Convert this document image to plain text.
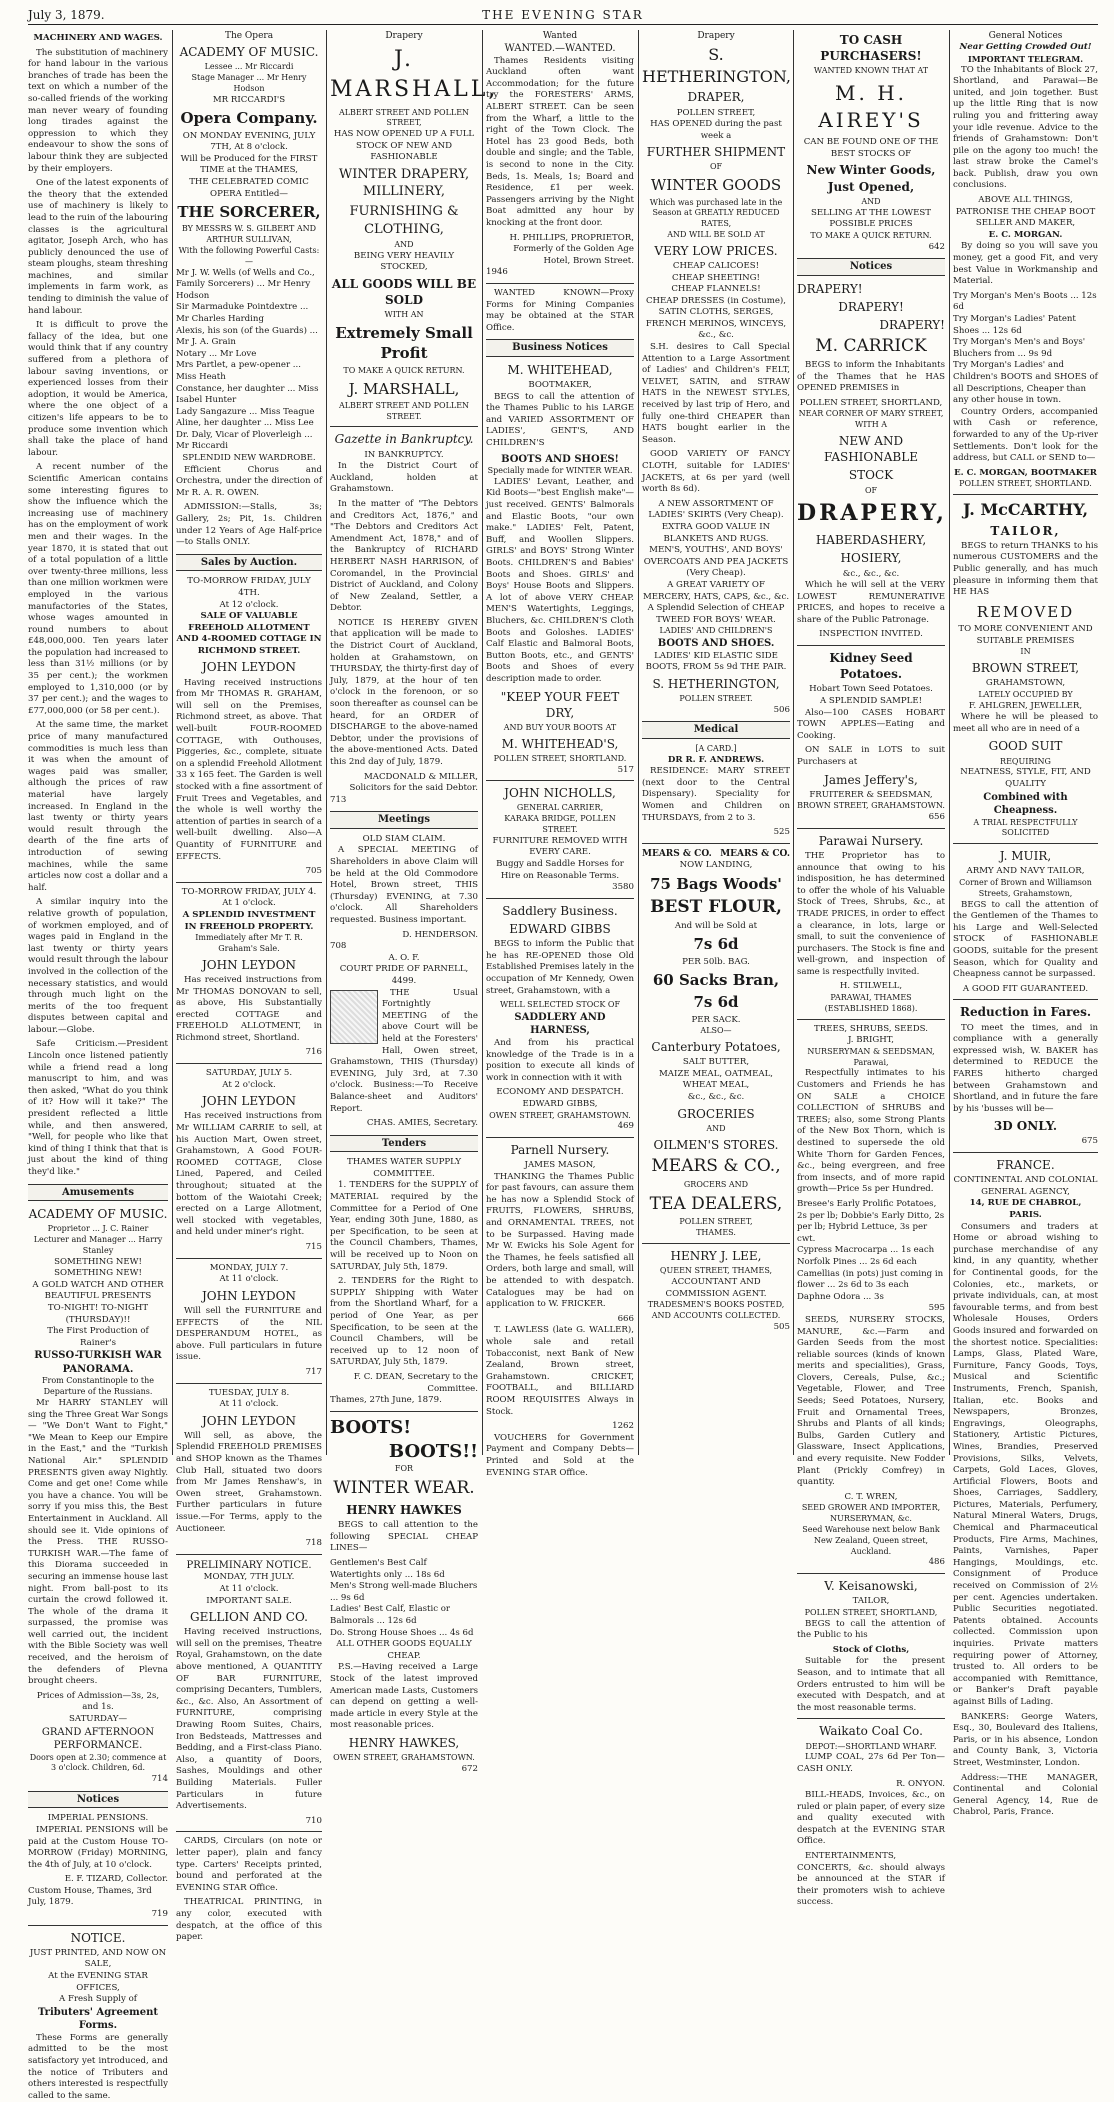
July 3, 1879.	THE EVENING STAR
MACHINERY AND WAGES.

The substitution of machinery for hand labour in the various branches of trade has been the text on which a number of the so-called friends of the working man never weary of founding long tirades against the oppression to which they endeavour to show the sons of labour think they are subjected by their employers.

One of the latest exponents of the theory that the extended use of machinery is likely to lead to the ruin of the labouring classes is the agricultural agitator, Joseph Arch, who has publicly denounced the use of steam ploughs, steam threshing machines, and similar implements in farm work, as tending to diminish the value of hand labour.

It is difficult to prove the fallacy of the idea, but one would think that if any country suffered from a plethora of labour saving inventions, or experienced losses from their adoption, it would be America, where the one object of a citizen's life appears to be to produce some invention which shall take the place of hand labour.

A recent number of the Scientific American contains some interesting figures to show the influence which the increasing use of machinery has on the employment of work men and their wages. In the year 1870, it is stated that out of a total population of a little over twenty-three millions, less than one million workmen were employed in the various manufactories of the States, whose wages amounted in round numbers to about £48,000,000. Ten years later the population had increased to less than 31½ millions (or by 35 per cent.); the workmen employed to 1,310,000 (or by 37 per cent.); and the wages to £77,000,000 (or 58 per cent.).

At the same time, the market price of many manufactured commodities is much less than it was when the amount of wages paid was smaller, although the prices of raw material have largely increased. In England in the last twenty or thirty years would result through the dearth of the fine arts of introduction of sewing machines, while the same articles now cost a dollar and a half.

A similar inquiry into the relative growth of population, of workmen employed, and of wages paid in England in the last twenty or thirty years would result through the labour involved in the collection of the necessary statistics, and would through much light on the merits of the too frequent disputes between capital and labour.—Globe.

Safe Criticism.—President Lincoln once listened patiently while a friend read a long manuscript to him, and was then asked, "What do you think of it? How will it take?" The president reflected a little while, and then answered, "Well, for people who like that kind of thing I think that that is just about the kind of thing they'd like."

Amusements
ACADEMY OF MUSIC.
Proprietor ... J. C. Rainer
Lecturer and Manager ... Harry Stanley
SOMETHING NEW! SOMETHING NEW!
A GOLD WATCH AND OTHER BEAUTIFUL PRESENTS
TO-NIGHT! TO-NIGHT (THURSDAY)!!
The First Production of Rainer's
RUSSO-TURKISH WAR PANORAMA.
From Constantinople to the Departure of the Russians.

Mr HARRY STANLEY will sing the Three Great War Songs — "We Don't Want to Fight," "We Mean to Keep our Empire in the East," and the "Turkish National Air." SPLENDID PRESENTS given away Nightly. Come and get one! Come while you have a chance. You will be sorry if you miss this, the Best Entertainment in Auckland. All should see it. Vide opinions of the Press. THE RUSSO-TURKISH WAR.—The fame of this Diorama succeeded in securing an immense house last night. From ball-post to its curtain the crowd followed it. The whole of the drama it surpassed, the promise was well carried out, the incident with the Bible Society was well received, and the heroism of the defenders of Plevna brought cheers.

Prices of Admission—3s, 2s, and 1s.
SATURDAY—
GRAND AFTERNOON PERFORMANCE.
Doors open at 2.30; commence at 3 o'clock. Children, 6d.
714
Notices
IMPERIAL PENSIONS.

IMPERIAL PENSIONS will be paid at the Custom House TO-MORROW (Friday) MORNING, the 4th of July, at 10 o'clock.

E. F. TIZARD, Collector.
Custom House, Thames, 3rd July, 1879.
719
NOTICE.
JUST PRINTED, AND NOW ON SALE,
At the EVENING STAR OFFICES,
A Fresh Supply of
Tributers' Agreement Forms.

These Forms are generally admitted to be the most satisfactory yet introduced, and the notice of Tributers and others interested is respectfully called to the same.

The Opera
ACADEMY OF MUSIC.
Lessee ... Mr Riccardi
Stage Manager ... Mr Henry Hodson
MR RICCARDI'S
Opera Company.
ON MONDAY EVENING, JULY 7TH, At 8 o'clock.
Will be Produced for the FIRST TIME at the THAMES,
THE CELEBRATED COMIC OPERA Entitled—
THE SORCERER,
BY MESSRS W. S. GILBERT AND ARTHUR SULLIVAN,
With the following Powerful Casts:—
Mr J. W. Wells (of Wells and Co., Family Sorcerers) ... Mr Henry Hodson
Sir Marmaduke Pointdextre ... Mr Charles Harding
Alexis, his son (of the Guards) ... Mr J. A. Grain
Notary ... Mr Love
Mrs Partlet, a pew-opener ... Miss Heath
Constance, her daughter ... Miss Isabel Hunter
Lady Sangazure ... Miss Teague
Aline, her daughter ... Miss Lee
Dr. Daly, Vicar of Ploverleigh ... Mr Riccardi
SPLENDID NEW WARDROBE.

Efficient Chorus and Orchestra, under the direction of Mr R. A. R. OWEN.

ADMISSION:—Stalls, 3s; Gallery, 2s; Pit, 1s. Children under 12 Years of Age Half-price—to Stalls ONLY.

Sales by Auction.
TO-MORROW FRIDAY, JULY 4TH.
At 12 o'clock.
SALE OF VALUABLE FREEHOLD ALLOTMENT AND 4-ROOMED COTTAGE IN RICHMOND STREET.
JOHN LEYDON

Having received instructions from Mr THOMAS R. GRAHAM, will sell on the Premises, Richmond street, as above. That well-built FOUR-ROOMED COTTAGE, with Outhouses, Piggeries, &c., complete, situate on a splendid Freehold Allotment 33 x 165 feet. The Garden is well stocked with a fine assortment of Fruit Trees and Vegetables, and the whole is well worthy the attention of parties in search of a well-built dwelling. Also—A Quantity of FURNITURE and EFFECTS.

705
TO-MORROW FRIDAY, JULY 4.
At 1 o'clock.
A SPLENDID INVESTMENT IN FREEHOLD PROPERTY.
Immediately after Mr T. R. Graham's Sale.
JOHN LEYDON

Has received instructions from Mr THOMAS DONOVAN to sell, as above, His Substantially erected COTTAGE and FREEHOLD ALLOTMENT, in Richmond street, Shortland.

716
SATURDAY, JULY 5.
At 2 o'clock.
JOHN LEYDON

Has received instructions from Mr WILLIAM CARRIE to sell, at his Auction Mart, Owen street, Grahamstown, A Good FOUR-ROOMED COTTAGE, Close Lined, Papered, and Ceiled throughout; situated at the bottom of the Waiotahi Creek; erected on a Large Allotment, well stocked with vegetables, and held under miner's right.

715
MONDAY, JULY 7.
At 11 o'clock.
JOHN LEYDON

Will sell the FURNITURE and EFFECTS of the NIL DESPERANDUM HOTEL, as above. Full particulars in future issue.

717
TUESDAY, JULY 8.
At 11 o'clock.
JOHN LEYDON

Will sell, as above, the Splendid FREEHOLD PREMISES and SHOP known as the Thames Club Hall, situated two doors from Mr James Renshaw's, in Owen street, Grahamstown. Further particulars in future issue.—For Terms, apply to the Auctioneer.

718
PRELIMINARY NOTICE.
MONDAY, 7TH JULY.
At 11 o'clock.
IMPORTANT SALE.
GELLION AND CO.

Having received instructions, will sell on the premises, Theatre Royal, Grahamstown, on the date above mentioned, A QUANTITY OF BAR FURNITURE, comprising Decanters, Tumblers, &c., &c. Also, An Assortment of FURNITURE, comprising Drawing Room Suites, Chairs, Iron Bedsteads, Mattresses and Bedding, and a First-class Piano. Also, a quantity of Doors, Sashes, Mouldings and other Building Materials. Fuller Particulars in future Advertisements.

710

CARDS, Circulars (on note or letter paper), plain and fancy type. Carters' Receipts printed, bound and perforated at the EVENING STAR Office.

THEATRICAL PRINTING, in any color, executed with despatch, at the office of this paper.

Drapery
J. MARSHALL,
ALBERT STREET AND POLLEN STREET,
HAS NOW OPENED UP A FULL STOCK OF NEW AND FASHIONABLE
WINTER DRAPERY, MILLINERY,
FURNISHING & CLOTHING,
AND
BEING VERY HEAVILY STOCKED,
ALL GOODS WILL BE SOLD
WITH AN
Extremely Small Profit
TO MAKE A QUICK RETURN.
J. MARSHALL,
ALBERT STREET AND POLLEN STREET.
Gazette in Bankruptcy.
IN BANKRUPTCY.

In the District Court of Auckland, holden at Grahamstown.

In the matter of "The Debtors and Creditors Act, 1876," and "The Debtors and Creditors Act Amendment Act, 1878," and of the Bankruptcy of RICHARD HERBERT NASH HARRISON, of Coromandel, in the Provincial District of Auckland, and Colony of New Zealand, Settler, a Debtor.

NOTICE IS HEREBY GIVEN that application will be made to the District Court of Auckland, holden at Grahamstown, on THURSDAY, the thirty-first day of July, 1879, at the hour of ten o'clock in the forenoon, or so soon thereafter as counsel can be heard, for an ORDER of DISCHARGE to the above-named Debtor, under the provisions of the above-mentioned Acts. Dated this 2nd day of July, 1879.

MACDONALD & MILLER, Solicitors for the said Debtor.
713
Meetings
OLD SIAM CLAIM.

A SPECIAL MEETING of Shareholders in above Claim will be held at the Old Commodore Hotel, Brown street, THIS (Thursday) EVENING, at 7.30 o'clock. All Shareholders requested. Business important.

D. HENDERSON.
708
A. O. F.
COURT PRIDE OF PARNELL, 4499.

THE Usual Fortnightly MEETING of the above Court will be held at the Foresters' Hall, Owen street, Grahamstown, THIS (Thursday) EVENING, July 3rd, at 7.30 o'clock. Business:—To Receive Balance-sheet and Auditors' Report.

CHAS. AMIES, Secretary.
Tenders
THAMES WATER SUPPLY COMMITTEE.

1. TENDERS for the SUPPLY of MATERIAL required by the Committee for a Period of One Year, ending 30th June, 1880, as per Specification, to be seen at the Council Chambers, Thames, will be received up to Noon on SATURDAY, July 5th, 1879.

2. TENDERS for the Right to SUPPLY Shipping with Water from the Shortland Wharf, for a period of One Year, as per Specification, to be seen at the Council Chambers, will be received up to 12 noon of SATURDAY, July 5th, 1879.

F. C. DEAN, Secretary to the Committee.
Thames, 27th June, 1879.
BOOTS!
BOOTS!!
FOR
WINTER WEAR.
HENRY HAWKES

BEGS to call attention to the following SPECIAL CHEAP LINES—

Gentlemen's Best Calf Watertights only ... 18s 6d
Men's Strong well-made Bluchers ... 9s 6d
Ladies' Best Calf, Elastic or Balmorals ... 12s 6d
Do. Strong House Shoes ... 4s 6d
ALL OTHER GOODS EQUALLY CHEAP.

P.S.—Having received a Large Stock of the latest improved American made Lasts, Customers can depend on getting a well-made article in every Style at the most reasonable prices.

HENRY HAWKES,
OWEN STREET, GRAHAMSTOWN.
672
Wanted
WANTED.—WANTED.

Thames Residents visiting Auckland often want Accommodation; for the future try the FORESTERS' ARMS, ALBERT STREET. Can be seen from the Wharf, a little to the right of the Town Clock. The Hotel has 23 good Beds, both double and single; and the Table, is second to none in the City. Beds, 1s. Meals, 1s; Board and Residence, £1 per week. Passengers arriving by the Night Boat admitted any hour by knocking at the front door.

H. PHILLIPS, PROPRIETOR, Formerly of the Golden Age Hotel, Brown Street.
1946

WANTED KNOWN—Proxy Forms for Mining Companies may be obtained at the STAR Office.

Business Notices
M. WHITEHEAD,
BOOTMAKER,

BEGS to call the attention of the Thames Public to his LARGE and VARIED ASSORTMENT OF LADIES', GENT'S, AND CHILDREN'S

BOOTS AND SHOES!
Specially made for WINTER WEAR.

LADIES' Levant, Leather, and Kid Boots—"best English make"—just received. GENTS' Balmorals and Elastic Boots, "our own make." LADIES' Felt, Patent, Buff, and Woollen Slippers. GIRLS' and BOYS' Strong Winter Boots. CHILDREN'S and Babies' Boots and Shoes. GIRLS' and Boys' House Boots and Slippers. A lot of above VERY CHEAP. MEN'S Watertights, Leggings, Bluchers, &c. CHILDREN'S Cloth Boots and Goloshes. LADIES' Calf Elastic and Balmoral Boots, Button Boots, etc., and GENTS' Boots and Shoes of every description made to order.

"KEEP YOUR FEET DRY,
AND BUY YOUR BOOTS AT
M. WHITEHEAD'S,
POLLEN STREET, SHORTLAND.
517
JOHN NICHOLLS,
GENERAL CARRIER,
KARAKA BRIDGE, POLLEN STREET.
FURNITURE REMOVED WITH EVERY CARE.
Buggy and Saddle Horses for Hire on Reasonable Terms.
3580
Saddlery Business.
EDWARD GIBBS

BEGS to inform the Public that he has RE-OPENED those Old Established Premises lately in the occupation of Mr Kennedy, Owen street, Grahamstown, with a

WELL SELECTED STOCK OF
SADDLERY AND HARNESS,

And from his practical knowledge of the Trade is in a position to execute all kinds of work in connection with it with

ECONOMY AND DESPATCH.
EDWARD GIBBS,
OWEN STREET, GRAHAMSTOWN.
469
Parnell Nursery.
JAMES MASON,

THANKING the Thames Public for past favours, can assure them he has now a Splendid Stock of FRUITS, FLOWERS, SHRUBS, and ORNAMENTAL TREES, not to be Surpassed. Having made Mr W. Ewicks his Sole Agent for the Thames, he feels satisfied all Orders, both large and small, will be attended to with despatch. Catalogues may be had on application to W. FRICKER.

666

T. LAWLESS (late G. WALLER), whole sale and retail Tobacconist, next Bank of New Zealand, Brown street, Grahamstown. CRICKET, FOOTBALL, and BILLIARD ROOM REQUISITES Always in Stock.

1262

VOUCHERS for Government Payment and Company Debts—Printed and Sold at the EVENING STAR Office.

Drapery
S. HETHERINGTON,
DRAPER,
POLLEN STREET,
HAS OPENED during the past week a
FURTHER SHIPMENT
OF
WINTER GOODS
Which was purchased late in the Season at GREATLY REDUCED RATES,
AND WILL BE SOLD AT
VERY LOW PRICES.
CHEAP CALICOES!
CHEAP SHEETING!
CHEAP FLANNELS!
CHEAP DRESSES (in Costume),
SATIN CLOTHS, SERGES, FRENCH MERINOS, WINCEYS, &c., &c.

S.H. desires to Call Special Attention to a Large Assortment of Ladies' and Children's FELT, VELVET, SATIN, and STRAW HATS in the NEWEST STYLES, received by last trip of Hero, and fully one-third CHEAPER than HATS bought earlier in the Season.

GOOD VARIETY OF FANCY CLOTH, suitable for LADIES' JACKETS, at 6s per yard (well worth 8s 6d).

A NEW ASSORTMENT OF LADIES' SKIRTS (Very Cheap).
EXTRA GOOD VALUE IN BLANKETS AND RUGS.
MEN'S, YOUTHS', AND BOYS' OVERCOATS AND PEA JACKETS (Very Cheap).
A GREAT VARIETY OF MERCERY, HATS, CAPS, &c., &c.
A Splendid Selection of CHEAP TWEED FOR BOYS' WEAR.
LADIES' AND CHILDREN'S
BOOTS AND SHOES.
LADIES' KID ELASTIC SIDE BOOTS, FROM 5s 9d THE PAIR.
S. HETHERINGTON,
POLLEN STREET.
506
Medical
[A CARD.]
DR R. F. ANDREWS.

RESIDENCE: MARY STREET (next door to the Central Dispensary). Speciality for Women and Children on THURSDAYS, from 2 to 3.

525
MEARS & CO. MEARS & CO.
NOW LANDING,
75 Bags Woods'
BEST FLOUR,
And will be Sold at
7s 6d
PER 50lb. BAG.
60 Sacks Bran,
7s 6d
PER SACK.
ALSO—
Canterbury Potatoes,
SALT BUTTER,
MAIZE MEAL, OATMEAL, WHEAT MEAL,
&c., &c., &c.
GROCERIES
AND
OILMEN'S STORES.
MEARS & CO.,
GROCERS AND
TEA DEALERS,
POLLEN STREET,
THAMES.
HENRY J. LEE,
QUEEN STREET, THAMES,
ACCOUNTANT AND COMMISSION AGENT.
TRADESMEN'S BOOKS POSTED, AND ACCOUNTS COLLECTED.
505
TO CASH PURCHASERS!
WANTED KNOWN THAT AT
M. H. AIREY'S
CAN BE FOUND ONE OF THE BEST STOCKS OF
New Winter Goods, Just Opened,
AND
SELLING AT THE LOWEST POSSIBLE PRICES
TO MAKE A QUICK RETURN.
642
Notices
DRAPERY!
DRAPERY!
DRAPERY!
M. CARRICK

BEGS to inform the Inhabitants of the Thames that he HAS OPENED PREMISES in

POLLEN STREET, SHORTLAND,
NEAR CORNER OF MARY STREET,
WITH A
NEW AND FASHIONABLE
STOCK
OF
DRAPERY,
HABERDASHERY,
HOSIERY,
&c., &c., &c.

Which he will sell at the VERY LOWEST REMUNERATIVE PRICES, and hopes to receive a share of the Public Patronage.

INSPECTION INVITED.
Kidney Seed Potatoes.
Hobart Town Seed Potatoes.
A SPLENDID SAMPLE!

Also—100 CASES HOBART TOWN APPLES—Eating and Cooking.

ON SALE in LOTS to suit Purchasers at

James Jeffery's,
FRUITERER & SEEDSMAN,
BROWN STREET, GRAHAMSTOWN.
656
Parawai Nursery.

THE Proprietor has to announce that owing to his indisposition, he has determined to offer the whole of his Valuable Stock of Trees, Shrubs, &c., at TRADE PRICES, in order to effect a clearance, in lots, large or small, to suit the convenience of purchasers. The Stock is fine and well-grown, and inspection of same is respectfully invited.

H. STILWELL,
PARAWAI, THAMES (ESTABLISHED 1868).
TREES, SHRUBS, SEEDS.
J. BRIGHT,
NURSERYMAN & SEEDSMAN, Parawai,

Respectfully intimates to his Customers and Friends he has ON SALE a CHOICE COLLECTION of SHRUBS and TREES; also, some Strong Plants of the New Box Thorn, which is destined to supersede the old White Thorn for Garden Fences, &c., being evergreen, and free from insects, and of more rapid growth—Price 5s per Hundred.

Bresee's Early Prolific Potatoes, 2s per lb; Dobbie's Early Ditto, 2s per lb; Hybrid Lettuce, 3s per cwt.
Cypress Macrocarpa ... 1s each
Norfolk Pines ... 2s 6d each
Camellias (in pots) just coming in flower ... 2s 6d to 3s each
Daphne Odora ... 3s
595

SEEDS, NURSERY STOCKS, MANURE, &c.—Farm and Garden Seeds from the most reliable sources (kinds of known merits and specialities), Grass, Clovers, Cereals, Pulse, &c.; Vegetable, Flower, and Tree Seeds; Seed Potatoes, Nursery, Fruit and Ornamental Trees, Shrubs and Plants of all kinds; Bulbs, Garden Cutlery and Glassware, Insect Applications, and every requisite. New Fodder Plant (Prickly Comfrey) in quantity.

C. T. WREN,
SEED GROWER AND IMPORTER, NURSERYMAN, &c.
Seed Warehouse next below Bank New Zealand, Queen street, Auckland.
486
V. Keisanowski,
TAILOR,
POLLEN STREET, SHORTLAND,

BEGS to call the attention of the Public to his

Stock of Cloths,

Suitable for the present Season, and to intimate that all Orders entrusted to him will be executed with Despatch, and at the most reasonable terms.

Waikato Coal Co.
DEPOT:—SHORTLAND WHARF.

LUMP COAL, 27s 6d Per Ton—CASH ONLY.

R. ONYON.

BILL-HEADS, Invoices, &c., on ruled or plain paper, of every size and quality executed with despatch at the EVENING STAR Office.

ENTERTAINMENTS, CONCERTS, &c. should always be announced at the STAR if their promoters wish to achieve success.

General Notices
Near Getting Crowded Out!
IMPORTANT TELEGRAM.

TO the Inhabitants of Block 27, Shortland, and Parawai—Be united, and join together. Bust up the little Ring that is now ruling you and frittering away your idle revenue. Advice to the friends of Grahamstown: Don't pile on the agony too much! the last straw broke the Camel's back. Publish, draw you own conclusions.

ABOVE ALL THINGS, PATRONISE THE CHEAP BOOT SELLER AND MAKER,
E. C. MORGAN.

By doing so you will save you money, get a good Fit, and very best Value in Workmanship and Material.

Try Morgan's Men's Boots ... 12s 6d
Try Morgan's Ladies' Patent Shoes ... 12s 6d
Try Morgan's Men's and Boys' Bluchers from ... 9s 9d
Try Morgan's Ladies' and Children's BOOTS and SHOES of all Descriptions, Cheaper than any other house in town.

Country Orders, accompanied with Cash or reference, forwarded to any of the Up-river Settlements. Don't look for the address, but CALL or SEND to—

E. C. MORGAN, BOOTMAKER
POLLEN STREET, SHORTLAND.
J. McCARTHY,
TAILOR,

BEGS to return THANKS to his numerous CUSTOMERS and the Public generally, and has much pleasure in informing them that HE HAS

REMOVED
TO MORE CONVENIENT AND SUITABLE PREMISES
IN
BROWN STREET,
GRAHAMSTOWN,
LATELY OCCUPIED BY
F. AHLGREN, JEWELLER,

Where he will be pleased to meet all who are in need of a

GOOD SUIT
REQUIRING
NEATNESS, STYLE, FIT, AND QUALITY
Combined with Cheapness.
A TRIAL RESPECTFULLY SOLICITED
J. MUIR,
ARMY AND NAVY TAILOR,
Corner of Brown and Williamson Streets, Grahamstown,

BEGS to call the attention of the Gentlemen of the Thames to his Large and Well-Selected STOCK of FASHIONABLE GOODS, suitable for the present Season, which for Quality and Cheapness cannot be surpassed.

A GOOD FIT GUARANTEED.
Reduction in Fares.

TO meet the times, and in compliance with a generally expressed wish, W. BAKER has determined to REDUCE the FARES hitherto charged between Grahamstown and Shortland, and in future the fare by his 'busses will be—

3D ONLY.
675
FRANCE.
CONTINENTAL AND COLONIAL GENERAL AGENCY,
14, RUE DE CHABROL, PARIS.

Consumers and traders at Home or abroad wishing to purchase merchandise of any kind, in any quantity, whether for Continental goods, for the Colonies, etc., markets, or private individuals, can, at most favourable terms, and from best Wholesale Houses, Orders Goods insured and forwarded on the shortest notice. Specialities: Lamps, Glass, Plated Ware, Furniture, Fancy Goods, Toys, Musical and Scientific Instruments, French, Spanish, Italian, etc. Books and Newspapers, Bronzes, Engravings, Oleographs, Stationery, Artistic Pictures, Wines, Brandies, Preserved Provisions, Silks, Velvets, Carpets, Gold Laces, Gloves, Artificial Flowers, Boots and Shoes, Carriages, Saddlery, Pictures, Materials, Perfumery, Natural Mineral Waters, Drugs, Chemical and Pharmaceutical Products, Fire Arms, Machines, Paints, Varnishes, Paper Hangings, Mouldings, etc. Consignment of Produce received on Commission of 2½ per cent. Agencies undertaken. Public Securities negotiated. Patents obtained. Accounts collected. Commission upon inquiries. Private matters requiring power of Attorney, trusted to. All orders to be accompanied with Remittance, or Banker's Draft payable against Bills of Lading.

BANKERS: George Waters, Esq., 30, Boulevard des Italiens, Paris, or in his absence, London and County Bank, 3, Victoria Street, Westminster, London.

Address:—THE MANAGER, Continental and Colonial General Agency, 14, Rue de Chabrol, Paris, France.
